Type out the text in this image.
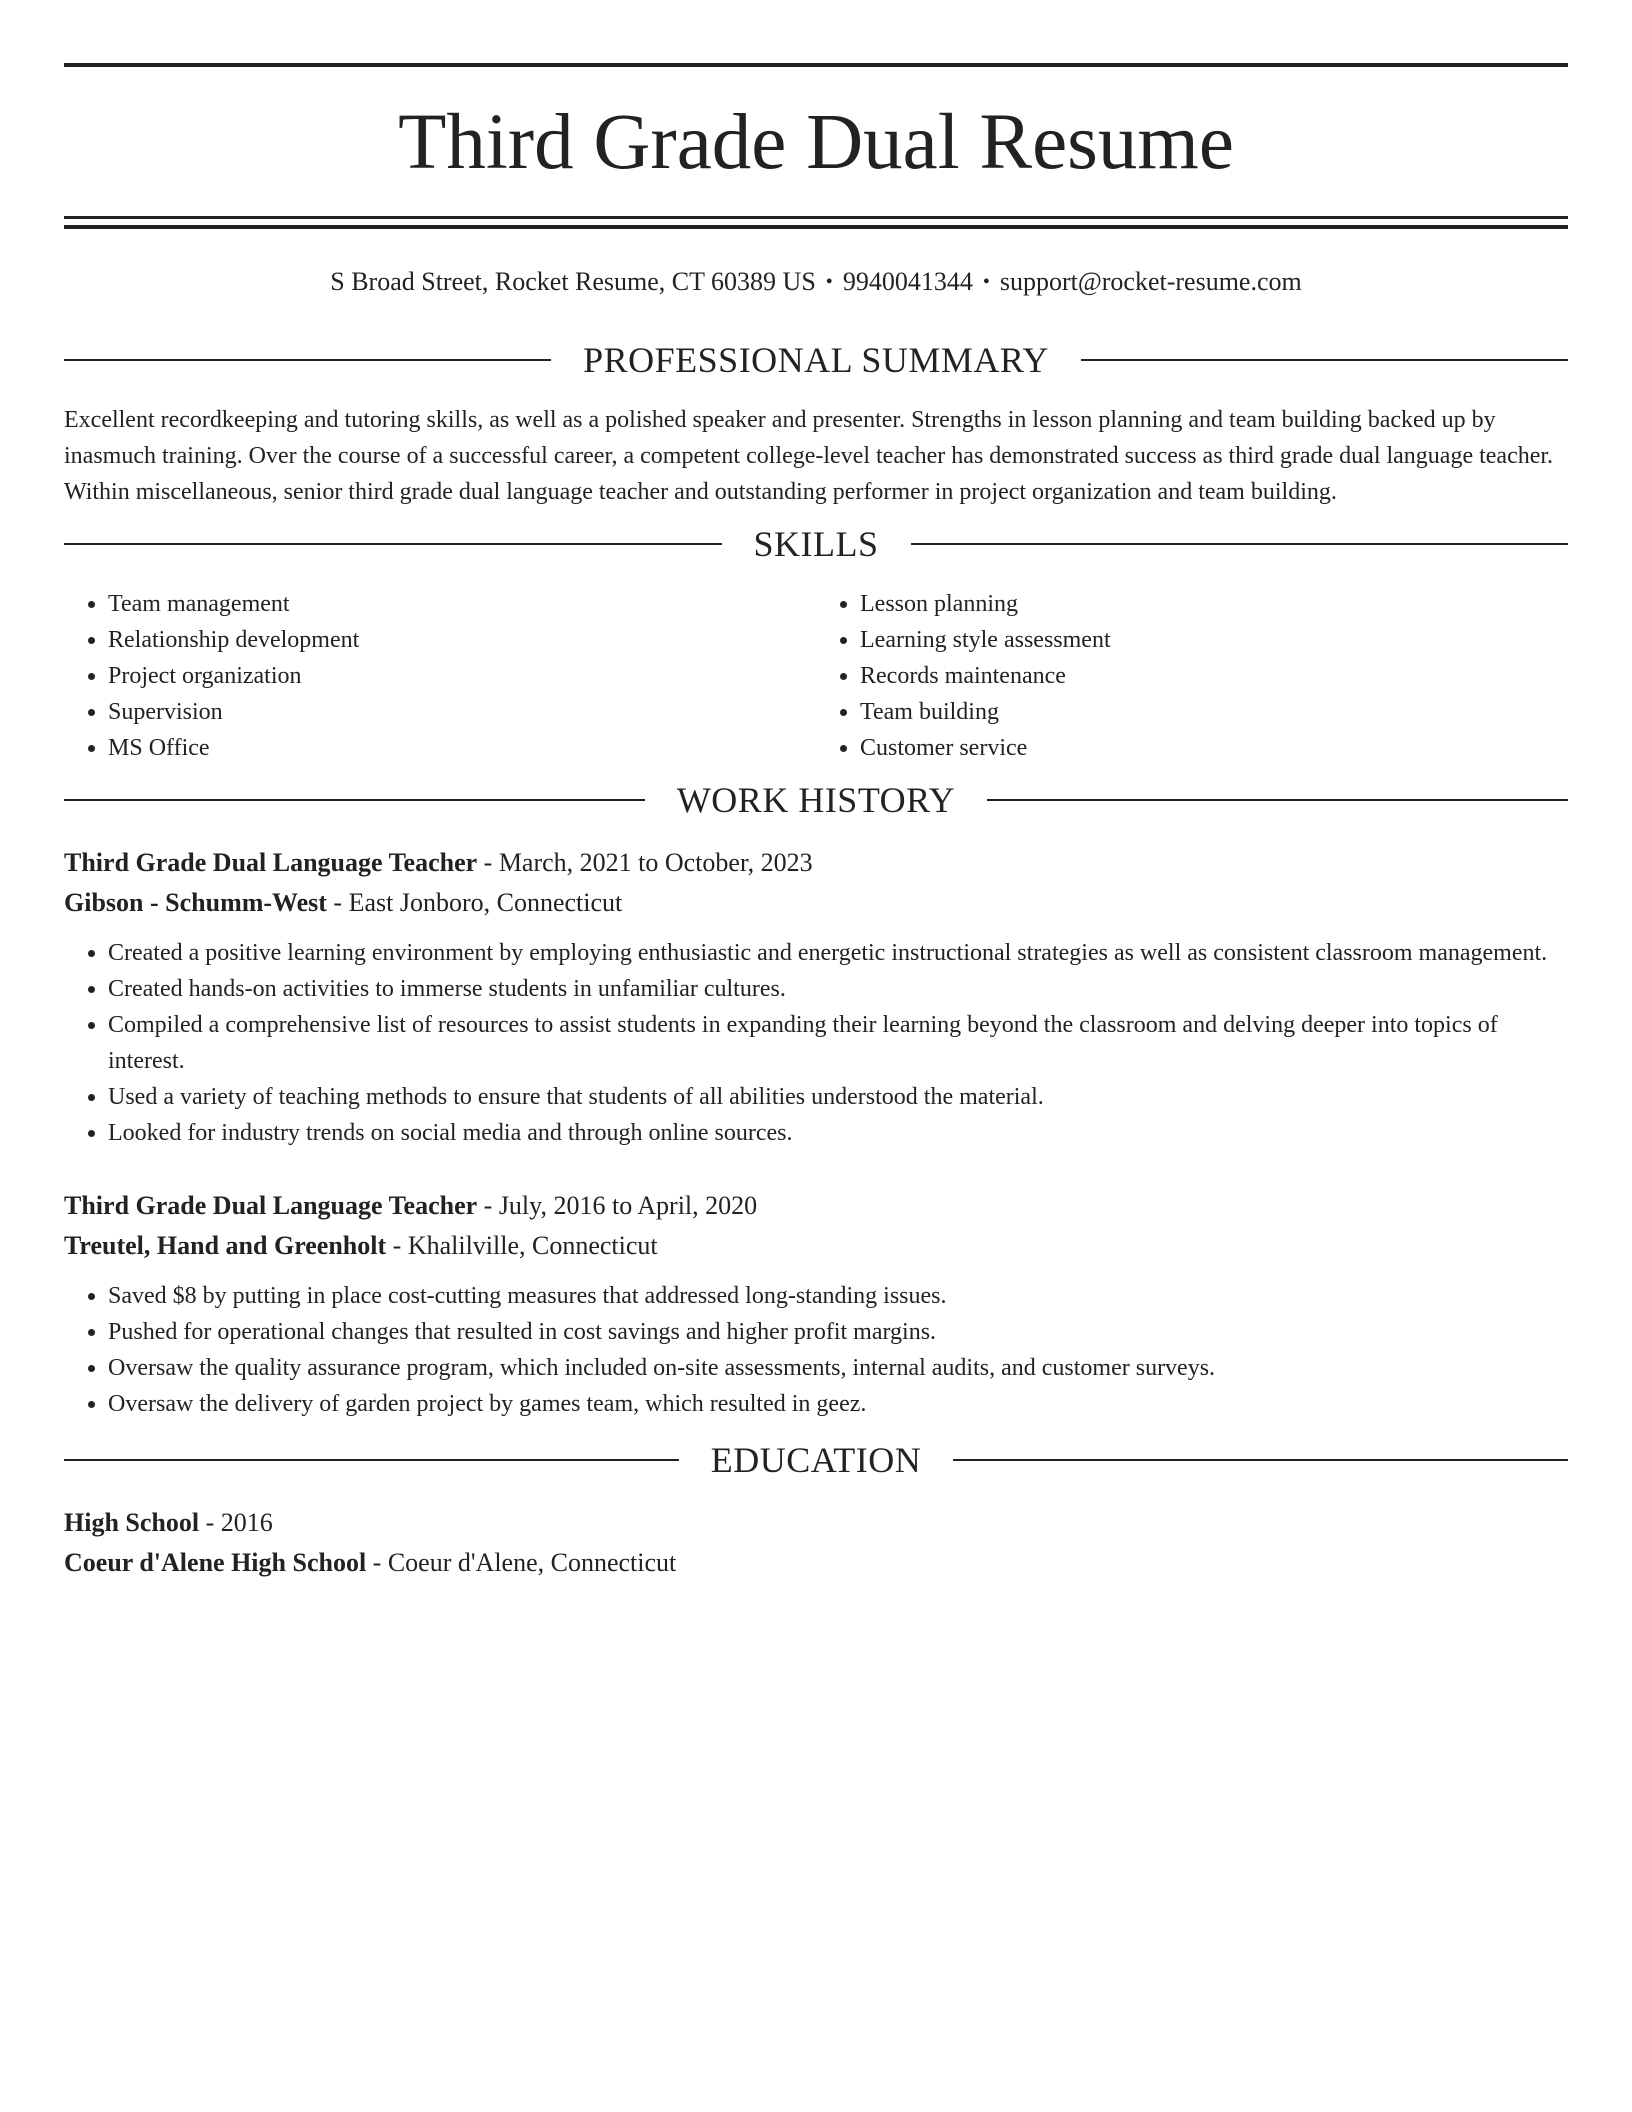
Third Grade Dual Resume
S Broad Street, Rocket Resume, CT 60389 US • 9940041344 • support@rocket-resume.com
PROFESSIONAL SUMMARY
Excellent recordkeeping and tutoring skills, as well as a polished speaker and presenter. Strengths in lesson planning and team building backed up by inasmuch training. Over the course of a successful career, a competent college-level teacher has demonstrated success as third grade dual language teacher. Within miscellaneous, senior third grade dual language teacher and outstanding performer in project organization and team building.
SKILLS
• Team management
• Relationship development
• Project organization
• Supervision
• MS Office
• Lesson planning
• Learning style assessment
• Records maintenance
• Team building
• Customer service
WORK HISTORY
Third Grade Dual Language Teacher - March, 2021 to October, 2023
Gibson - Schumm-West - East Jonboro, Connecticut
• Created a positive learning environment by employing enthusiastic and energetic instructional strategies as well as consistent classroom management.
• Created hands-on activities to immerse students in unfamiliar cultures.
• Compiled a comprehensive list of resources to assist students in expanding their learning beyond the classroom and delving deeper into topics of interest.
• Used a variety of teaching methods to ensure that students of all abilities understood the material.
• Looked for industry trends on social media and through online sources.
Third Grade Dual Language Teacher - July, 2016 to April, 2020
Treutel, Hand and Greenholt - Khalilville, Connecticut
• Saved $8 by putting in place cost-cutting measures that addressed long-standing issues.
• Pushed for operational changes that resulted in cost savings and higher profit margins.
• Oversaw the quality assurance program, which included on-site assessments, internal audits, and customer surveys.
• Oversaw the delivery of garden project by games team, which resulted in geez.
EDUCATION
High School - 2016
Coeur d'Alene High School - Coeur d'Alene, Connecticut
